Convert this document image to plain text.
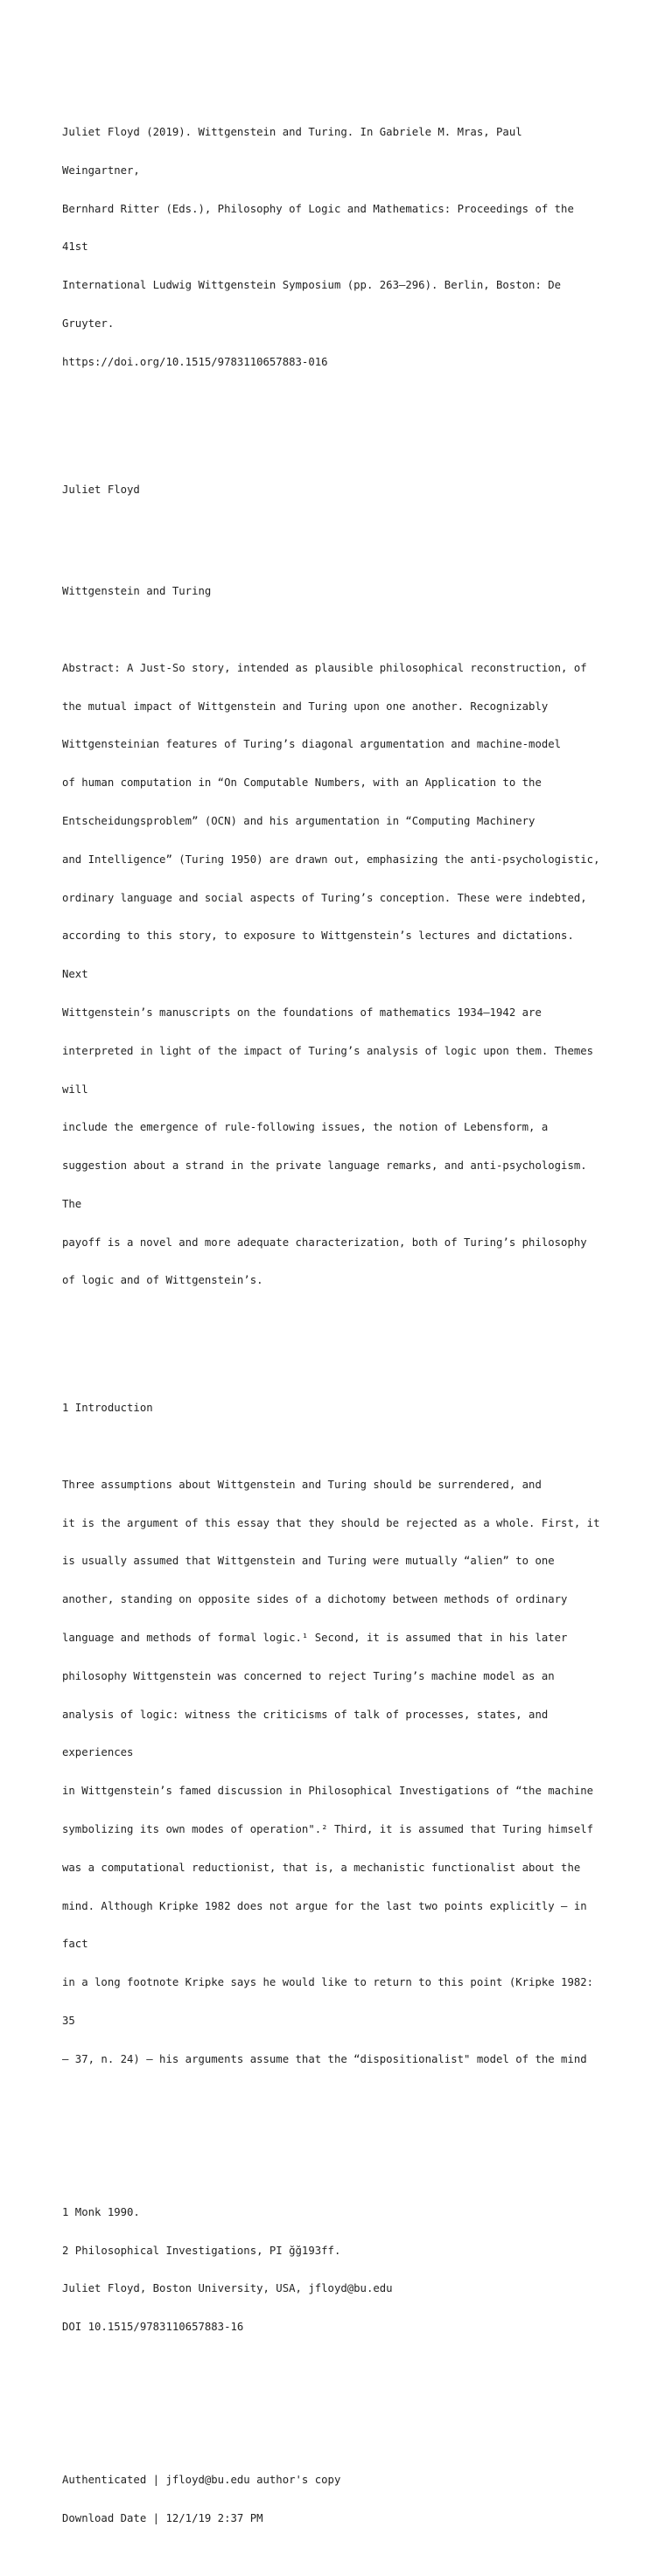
Juliet Floyd (2019). Wittgenstein and Turing. In Gabriele M. Mras, Paul

Weingartner,

Bernhard Ritter (Eds.), Philosophy of Logic and Mathematics: Proceedings of the

41st

International Ludwig Wittgenstein Symposium (pp. 263–296). Berlin, Boston: De

Gruyter.

https://doi.org/10.1515/9783110657883-016

Juliet Floyd

Wittgenstein and Turing

Abstract: A Just-So story, intended as plausible philosophical reconstruction, of

the mutual impact of Wittgenstein and Turing upon one another. Recognizably

Wittgensteinian features of Turing’s diagonal argumentation and machine-model

of human computation in “On Computable Numbers, with an Application to the

Entscheidungsproblem” (OCN) and his argumentation in “Computing Machinery

and Intelligence” (Turing 1950) are drawn out, emphasizing the anti-psychologistic,

ordinary language and social aspects of Turing’s conception. These were indebted,

according to this story, to exposure to Wittgenstein’s lectures and dictations.

Next

Wittgenstein’s manuscripts on the foundations of mathematics 1934–1942 are

interpreted in light of the impact of Turing’s analysis of logic upon them. Themes

will

include the emergence of rule-following issues, the notion of Lebensform, a

suggestion about a strand in the private language remarks, and anti-psychologism.

The

payoff is a novel and more adequate characterization, both of Turing’s philosophy

of logic and of Wittgenstein’s.

1 Introduction

Three assumptions about Wittgenstein and Turing should be surrendered, and

it is the argument of this essay that they should be rejected as a whole. First, it

is usually assumed that Wittgenstein and Turing were mutually “alien” to one

another, standing on opposite sides of a dichotomy between methods of ordinary

language and methods of formal logic.¹ Second, it is assumed that in his later

philosophy Wittgenstein was concerned to reject Turing’s machine model as an

analysis of logic: witness the criticisms of talk of processes, states, and

experiences

in Wittgenstein’s famed discussion in Philosophical Investigations of “the machine

symbolizing its own modes of operation".² Third, it is assumed that Turing himself

was a computational reductionist, that is, a mechanistic functionalist about the

mind. Although Kripke 1982 does not argue for the last two points explicitly – in

fact

in a long footnote Kripke says he would like to return to this point (Kripke 1982:

35

– 37, n. 24) – his arguments assume that the “dispositionalist" model of the mind

1 Monk 1990.

2 Philosophical Investigations, PI ğğ193ff.

Juliet Floyd, Boston University, USA, jfloyd@bu.edu

DOI 10.1515/9783110657883-16

Authenticated | jfloyd@bu.edu author's copy

Download Date | 12/1/19 2:37 PM
